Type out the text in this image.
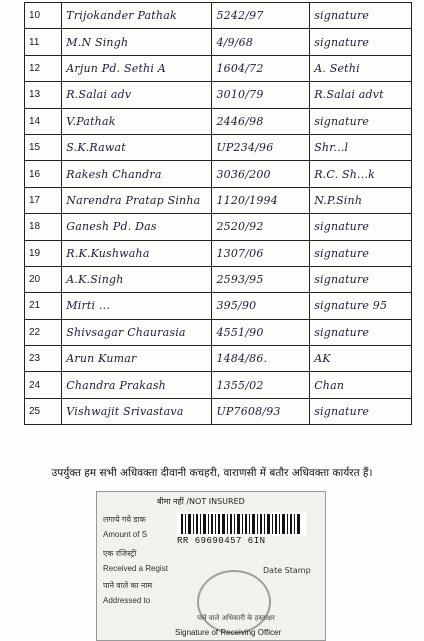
10	Trijokander Pathak	5242/97	signature
11	M.N Singh	4/9/68	signature
12	Arjun Pd. Sethi A	1604/72	A. Sethi
13	R.Salai adv	3010/79	R.Salai advt
14	V.Pathak	2446/98	signature
15	S.K.Rawat	UP234/96	Shr...l
16	Rakesh Chandra	3036/200	R.C. Sh...k
17	Narendra Pratap Sinha	1120/1994	N.P.Sinh
18	Ganesh Pd. Das	2520/92	signature
19	R.K.Kushwaha	1307/06	signature
20	A.K.Singh	2593/95	signature
21	Mirti ...	395/90	signature 95
22	Shivsagar Chaurasia	4551/90	signature
23	Arun Kumar	1484/86.	AK
24	Chandra Prakash	1355/02	Chan
25	Vishwajit Srivastava	UP7608/93	signature
उपर्युक्त हम सभी अधिवक्ता दीवानी कचहरी, वाराणसी में बतौर अधिवक्ता कार्यरत हैं।
बीमा नहीं /NOT INSURED
लगाये गये डाक
Amount of S
एक रजिस्ट्री
Received a Regist
पाने वाले का नाम
Addressed to
RR 69690457 6IN
Date Stamp
पाने वाले अधिकारी के हस्ताक्षर
Signature of Receiving Officer
